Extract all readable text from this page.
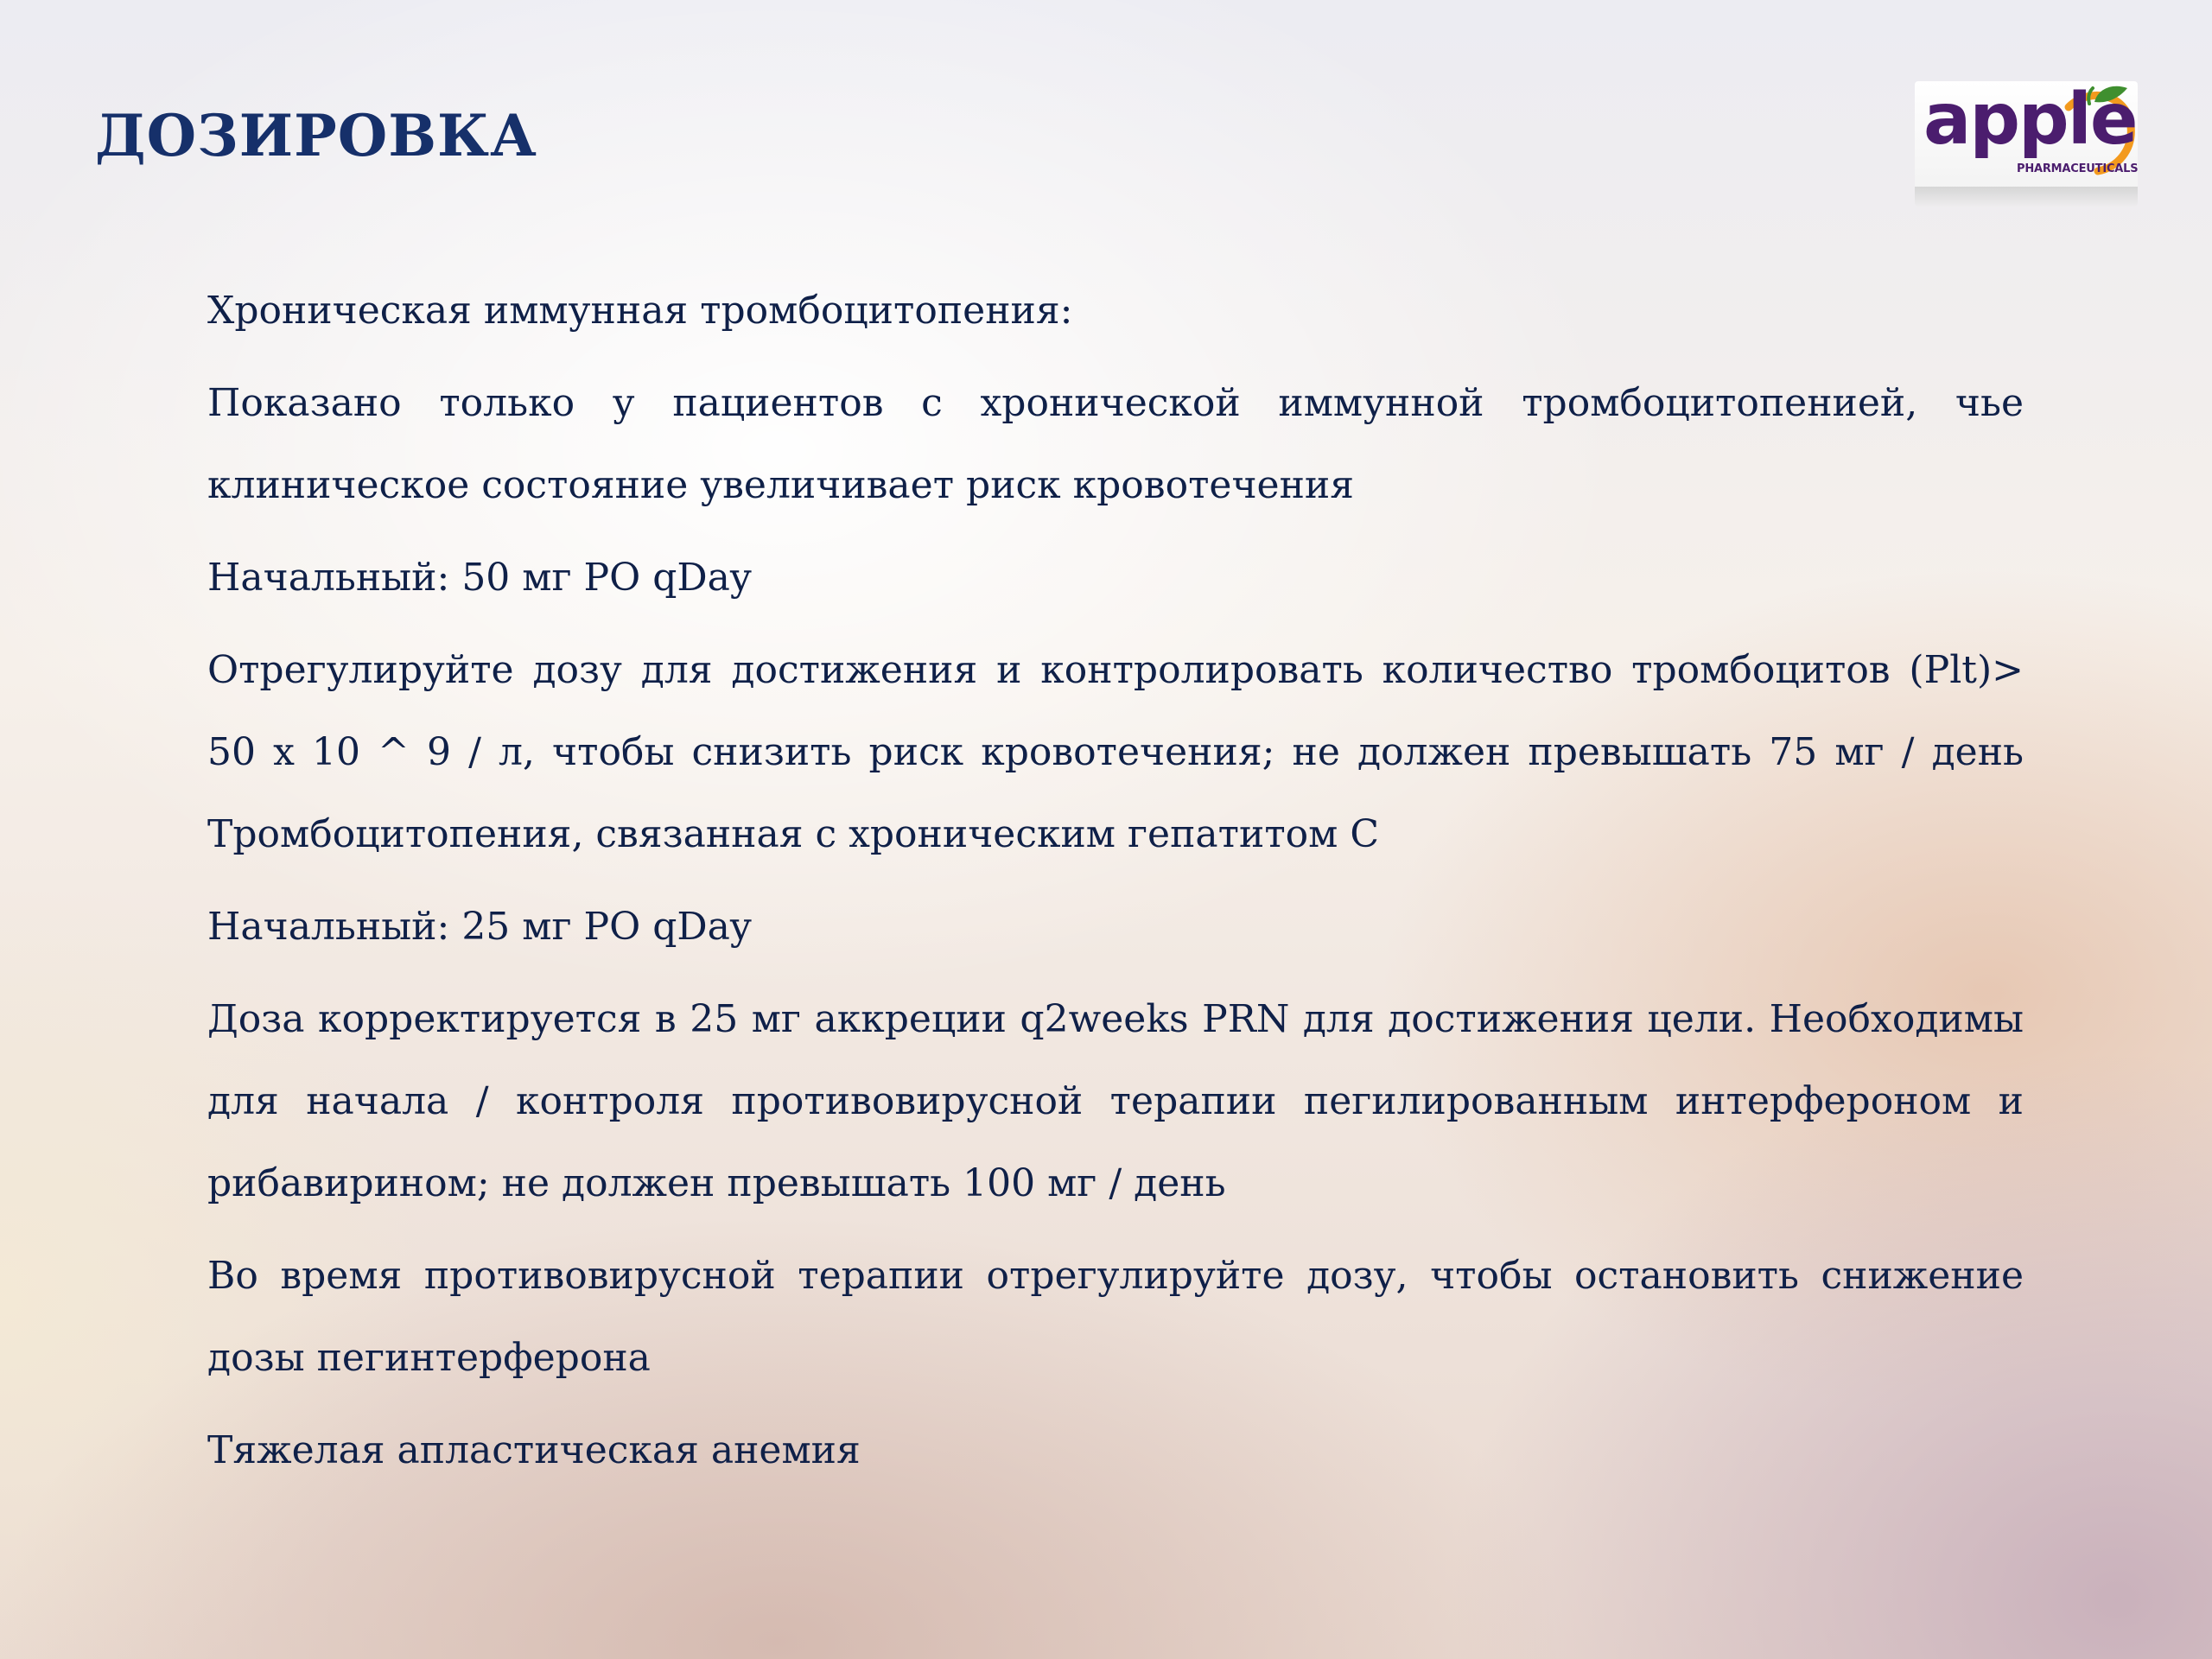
ДОЗИРОВКА	apple
PHARMACEUTICALS

Хроническая иммунная тромбоцитопения:

Показано только у пациентов с хронической иммунной тромбоцитопенией, чье клиническое состояние увеличивает риск кровотечения

Начальный: 50 мг PO qDay

Отрегулируйте дозу для достижения и контролировать количество тромбоцитов (Plt)> 50 x 10 ^ 9 / л, чтобы снизить риск кровотечения; не должен превышать 75 мг / день Тромбоцитопения, связанная с хроническим гепатитом C

Начальный: 25 мг PO qDay

Доза корректируется в 25 мг аккреции q2weeks PRN для достижения цели. Необходимы для начала / контроля противовирусной терапии пегилированным интерфероном и рибавирином; не должен превышать 100 мг / день

Во время противовирусной терапии отрегулируйте дозу, чтобы остановить снижение дозы пегинтерферона

Тяжелая апластическая анемия
